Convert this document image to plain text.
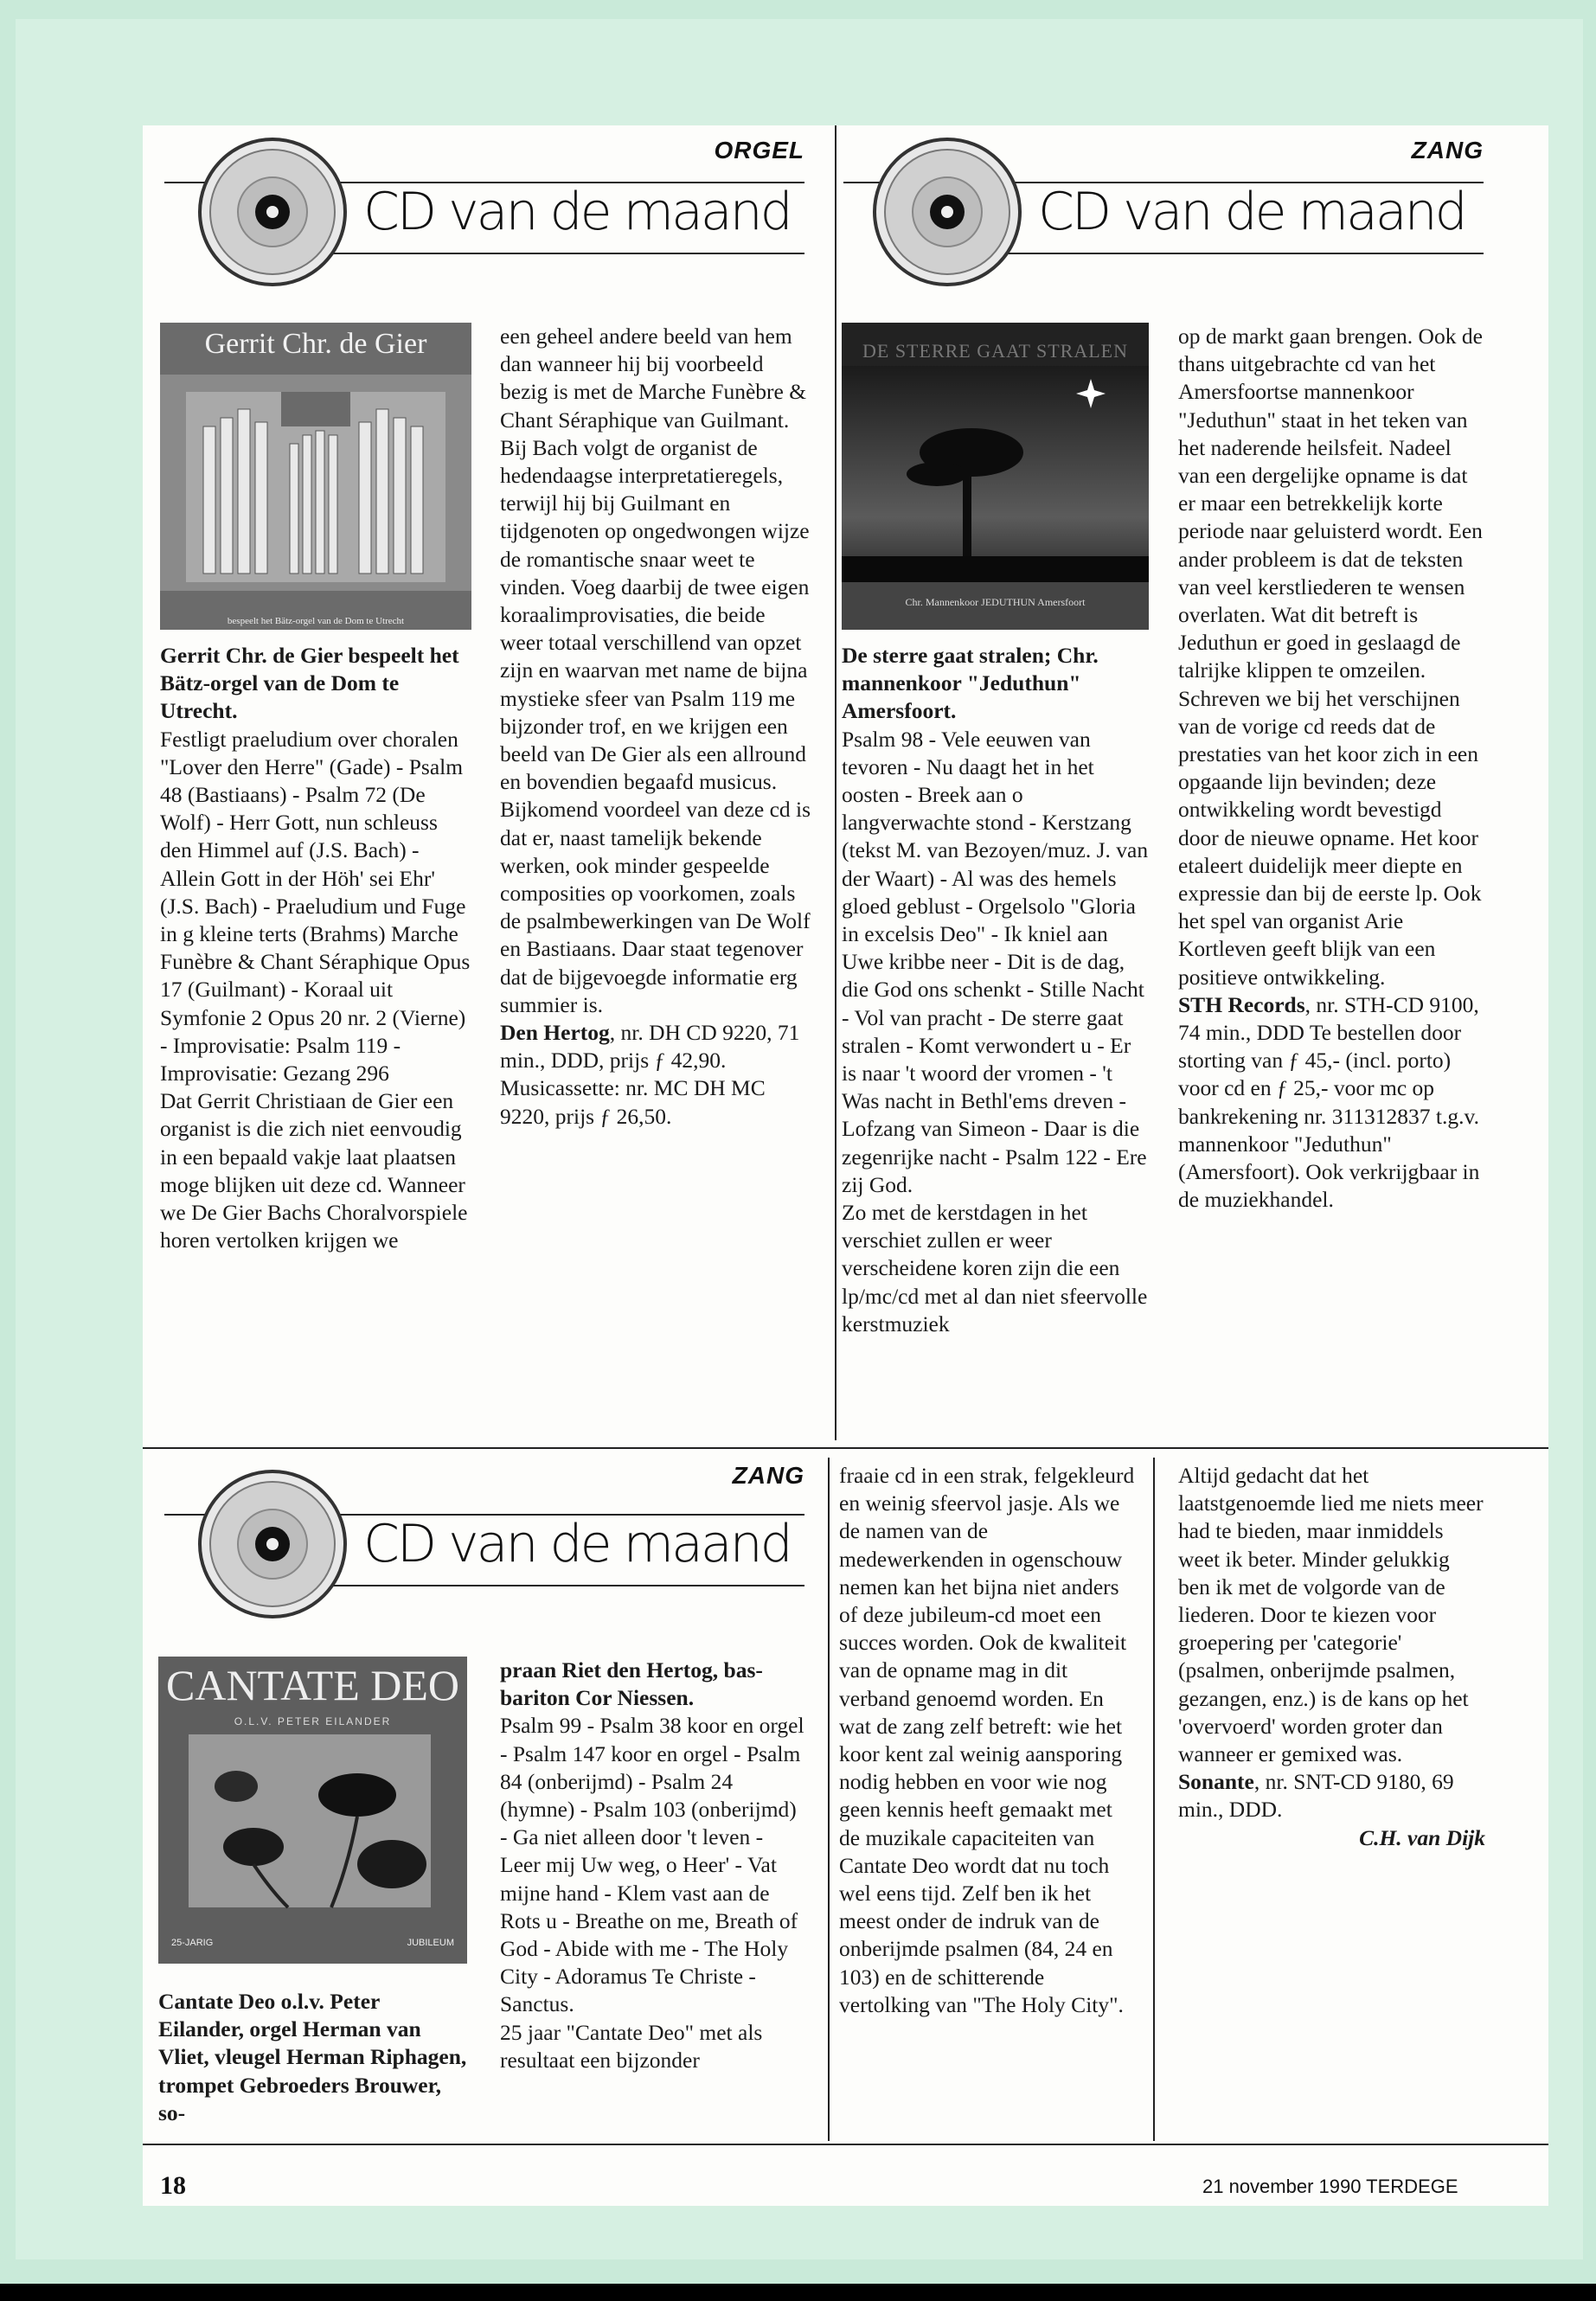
ORGEL
CD van de maand
Gerrit Chr. de Gier
bespeelt het Bätz-orgel van de Dom te Utrecht

Gerrit Chr. de Gier bespeelt het Bätz-orgel van de Dom te Utrecht.

Festligt praeludium over choralen "Lover den Herre" (Gade) - Psalm 48 (Bastiaans) - Psalm 72 (De Wolf) - Herr Gott, nun schleuss den Himmel auf (J.S. Bach) - Allein Gott in der Höh' sei Ehr' (J.S. Bach) - Praeludium und Fuge in g kleine terts (Brahms) Marche Funèbre & Chant Séraphique Opus 17 (Guilmant) - Koraal uit Symfonie 2 Opus 20 nr. 2 (Vierne) - Improvisatie: Psalm 119 - Improvisatie: Gezang 296

Dat Gerrit Christiaan de Gier een organist is die zich niet eenvoudig in een bepaald vakje laat plaatsen moge blijken uit deze cd. Wanneer we De Gier Bachs Choralvorspiele horen vertolken krijgen we

een geheel andere beeld van hem dan wanneer hij bij voorbeeld bezig is met de Marche Funèbre & Chant Séraphique van Guilmant. Bij Bach volgt de organist de hedendaagse interpretatieregels, terwijl hij bij Guilmant en tijdgenoten op ongedwongen wijze de romantische snaar weet te vinden. Voeg daarbij de twee eigen koraalimprovisaties, die beide weer totaal verschillend van opzet zijn en waarvan met name de bijna mystieke sfeer van Psalm 119 me bijzonder trof, en we krijgen een beeld van De Gier als een allround en bovendien begaafd musicus. Bijkomend voordeel van deze cd is dat er, naast tamelijk bekende werken, ook minder gespeelde composities op voorkomen, zoals de psalmbewerkingen van De Wolf en Bastiaans. Daar staat tegenover dat de bijgevoegde informatie erg summier is.

Den Hertog, nr. DH CD 9220, 71 min., DDD, prijs ƒ 42,90. Musicassette: nr. MC DH MC 9220, prijs ƒ 26,50.

ZANG
CD van de maand
DE STERRE GAAT STRALEN
Chr. Mannenkoor JEDUTHUN Amersfoort

De sterre gaat stralen; Chr. mannenkoor "Jeduthun" Amersfoort.

Psalm 98 - Vele eeuwen van tevoren - Nu daagt het in het oosten - Breek aan o langverwachte stond - Kerstzang (tekst M. van Bezoyen/muz. J. van der Waart) - Al was des hemels gloed geblust - Orgelsolo "Gloria in excelsis Deo" - Ik kniel aan Uwe kribbe neer - Dit is de dag, die God ons schenkt - Stille Nacht - Vol van pracht - De sterre gaat stralen - Komt verwondert u - Er is naar 't woord der vromen - 't Was nacht in Bethl'ems dreven - Lofzang van Simeon - Daar is die zegenrijke nacht - Psalm 122 - Ere zij God.

Zo met de kerstdagen in het verschiet zullen er weer verscheidene koren zijn die een lp/mc/cd met al dan niet sfeervolle kerstmuziek

op de markt gaan brengen. Ook de thans uitgebrachte cd van het Amersfoortse mannenkoor "Jeduthun" staat in het teken van het naderende heilsfeit. Nadeel van een dergelijke opname is dat er maar een betrekkelijk korte periode naar geluisterd wordt. Een ander probleem is dat de teksten van veel kerstliederen te wensen overlaten. Wat dit betreft is Jeduthun er goed in geslaagd de talrijke klippen te omzeilen. Schreven we bij het verschijnen van de vorige cd reeds dat de prestaties van het koor zich in een opgaande lijn bevinden; deze ontwikkeling wordt bevestigd door de nieuwe opname. Het koor etaleert duidelijk meer diepte en expressie dan bij de eerste lp. Ook het spel van organist Arie Kortleven geeft blijk van een positieve ontwikkeling.

STH Records, nr. STH-CD 9100, 74 min., DDD Te bestellen door storting van ƒ 45,- (incl. porto) voor cd en ƒ 25,- voor mc op bankrekening nr. 311312837 t.g.v. mannenkoor "Jeduthun" (Amersfoort). Ook verkrijgbaar in de muziekhandel.

ZANG
CD van de maand
CANTATE DEO
O.L.V. PETER EILANDER
25-JARIG	JUBILEUM

Cantate Deo o.l.v. Peter Eilander, orgel Herman van Vliet, vleugel Herman Riphagen, trompet Gebroeders Brouwer, so-

praan Riet den Hertog, bas-bariton Cor Niessen.

Psalm 99 - Psalm 38 koor en orgel - Psalm 147 koor en orgel - Psalm 84 (onberijmd) - Psalm 24 (hymne) - Psalm 103 (onberijmd) - Ga niet alleen door 't leven - Leer mij Uw weg, o Heer' - Vat mijne hand - Klem vast aan de Rots u - Breathe on me, Breath of God - Abide with me - The Holy City - Adoramus Te Christe - Sanctus.

25 jaar "Cantate Deo" met als resultaat een bijzonder

fraaie cd in een strak, felgekleurd en weinig sfeervol jasje. Als we de namen van de medewerkenden in ogenschouw nemen kan het bijna niet anders of deze jubileum-cd moet een succes worden. Ook de kwaliteit van de opname mag in dit verband genoemd worden. En wat de zang zelf betreft: wie het koor kent zal weinig aansporing nodig hebben en voor wie nog geen kennis heeft gemaakt met de muzikale capaciteiten van Cantate Deo wordt dat nu toch wel eens tijd. Zelf ben ik het meest onder de indruk van de onberijmde psalmen (84, 24 en 103) en de schitterende vertolking van "The Holy City".

Altijd gedacht dat het laatstgenoemde lied me niets meer had te bieden, maar inmiddels weet ik beter. Minder gelukkig ben ik met de volgorde van de liederen. Door te kiezen voor groepering per 'categorie' (psalmen, onberijmde psalmen, gezangen, enz.) is de kans op het 'overvoerd' worden groter dan wanneer er gemixed was.

Sonante, nr. SNT-CD 9180, 69 min., DDD.

C.H. van Dijk

18	21 november 1990 TERDEGE
